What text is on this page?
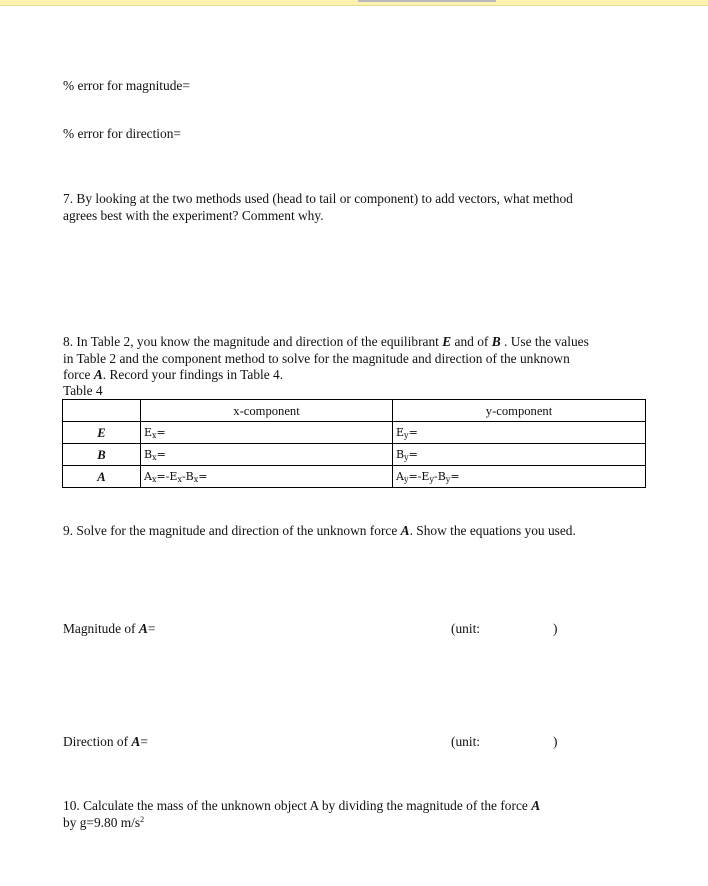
% error for magnitude=
% error for direction=
7. By looking at the two methods used (head to tail or component) to add vectors, what method
agrees best with the experiment? Comment why.
8. In Table 2, you know the magnitude and direction of the equilibrant E and of B . Use the values
in Table 2 and the component method to solve for the magnitude and direction of the unknown
force A. Record your findings in Table 4.
Table 4
	x-component	y-component
E	$E_x=$	$E_y=$
B	$B_x=$	$B_y=$
A	$A_x=-E_x-B_x=$	$A_y=-E_y-B_y=$
9. Solve for the magnitude and direction of the unknown force A. Show the equations you used.
Magnitude of A=	(unit:	)
Direction of A=	(unit:	)
10. Calculate the mass of the unknown object A by dividing the magnitude of the force A
by g=9.80 $m/s^2$
